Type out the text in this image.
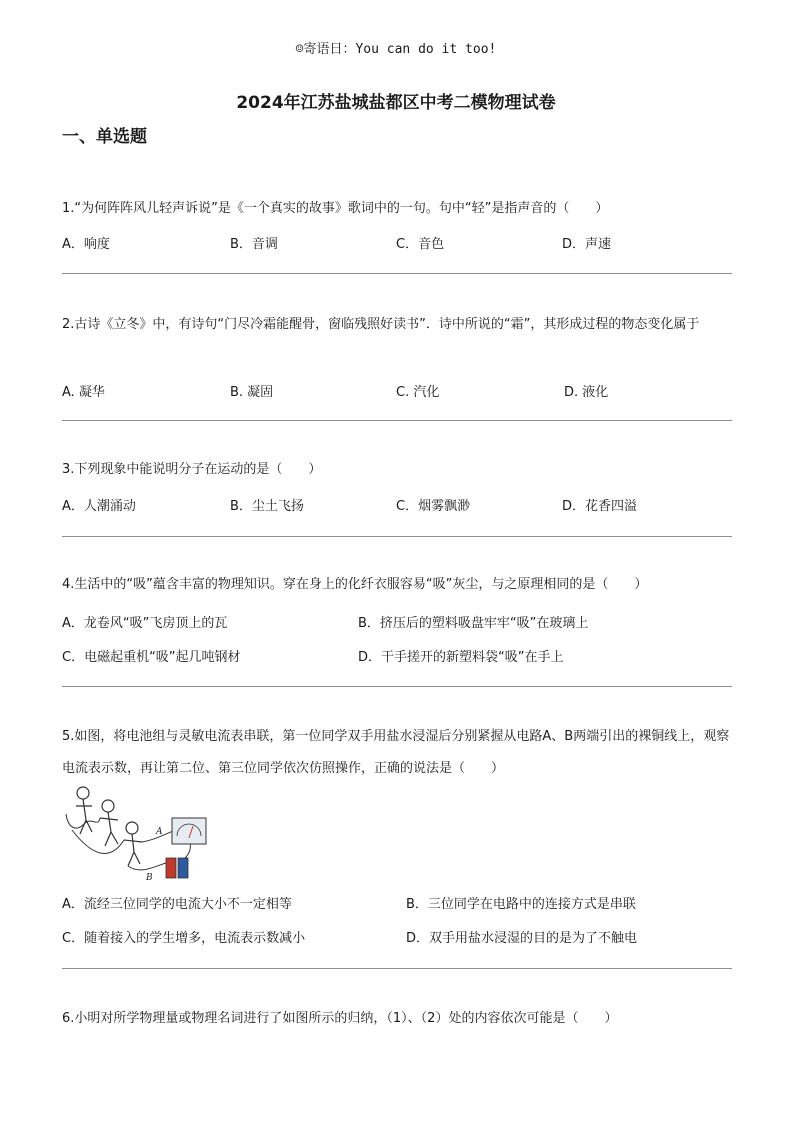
☺寄语日：You can do it too!
2024年江苏盐城盐都区中考二模物理试卷
一、单选题
1.“为何阵阵风儿轻声诉说”是《一个真实的故事》歌词中的一句。句中“轻”是指声音的（　　）
A．响度	B．音调	C．音色	D．声速
2.古诗《立冬》中，有诗句“门尽冷霜能醒骨，窗临残照好读书”．诗中所说的“霜”，其形成过程的物态变化属于
A. 凝华	B. 凝固	C. 汽化	D. 液化
3.下列现象中能说明分子在运动的是（　　）
A．人潮涌动	B．尘土飞扬	C．烟雾飘渺	D．花香四溢
4.生活中的“吸”蕴含丰富的物理知识。穿在身上的化纤衣服容易“吸”灰尘，与之原理相同的是（　　）
A．龙卷风“吸”飞房顶上的瓦	B．挤压后的塑料吸盘牢牢“吸”在玻璃上
C．电磁起重机“吸”起几吨钢材	D．干手搓开的新塑料袋“吸”在手上
5.如图，将电池组与灵敏电流表串联，第一位同学双手用盐水浸湿后分别紧握从电路A、B两端引出的裸铜线上，观察电流表示数，再让第二位、第三位同学依次仿照操作，正确的说法是（　　）
A
B
A．流经三位同学的电流大小不一定相等	B．三位同学在电路中的连接方式是串联
C．随着接入的学生增多，电流表示数减小	D．双手用盐水浸湿的目的是为了不触电
6.小明对所学物理量或物理名词进行了如图所示的归纳，（1）、（2）处的内容依次可能是（　　）
